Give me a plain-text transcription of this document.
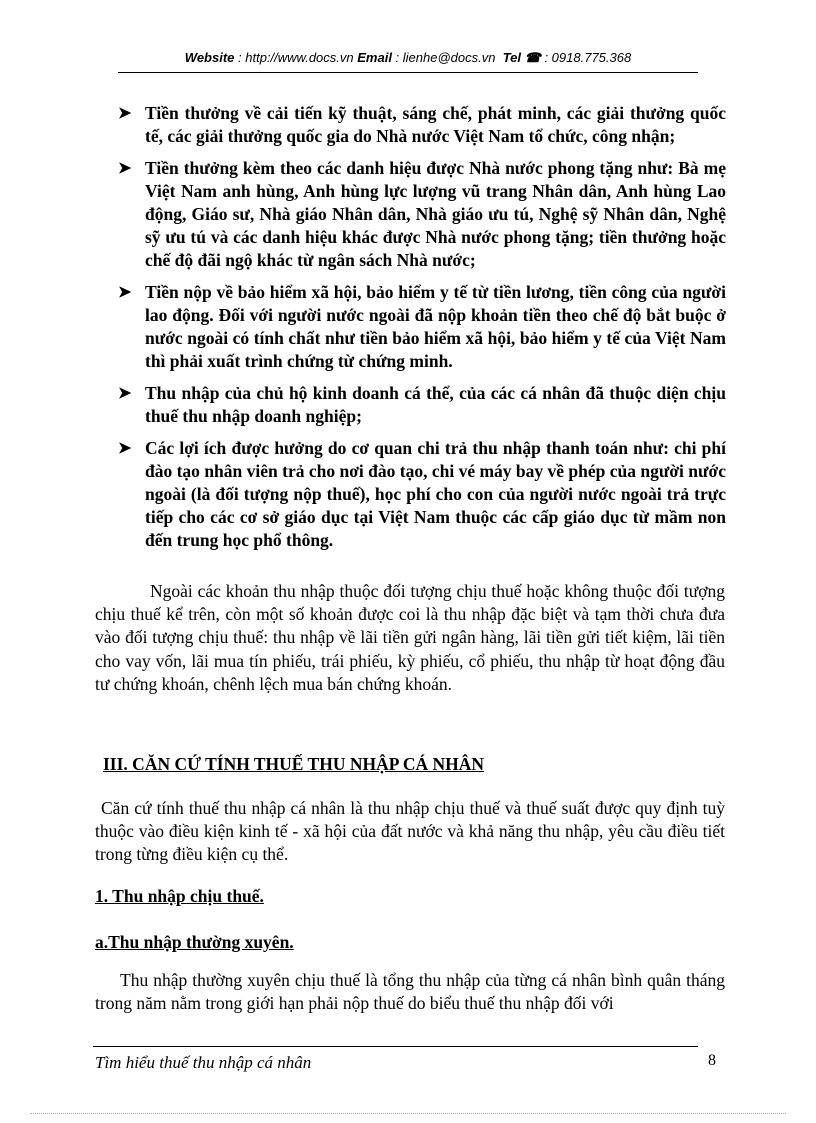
Website : http://www.docs.vn Email : lienhe@docs.vn Tel ☎ : 0918.775.368
➤ Tiền thưởng về cải tiến kỹ thuật, sáng chế, phát minh, các giải thưởng quốc tế, các giải thưởng quốc gia do Nhà nước Việt Nam tổ chức, công nhận;
➤ Tiền thưởng kèm theo các danh hiệu được Nhà nước phong tặng như: Bà mẹ Việt Nam anh hùng, Anh hùng lực lượng vũ trang Nhân dân, Anh hùng Lao động, Giáo sư, Nhà giáo Nhân dân, Nhà giáo ưu tú, Nghệ sỹ Nhân dân, Nghệ sỹ ưu tú và các danh hiệu khác được Nhà nước phong tặng; tiền thưởng hoặc chế độ đãi ngộ khác từ ngân sách Nhà nước;
➤ Tiền nộp về bảo hiểm xã hội, bảo hiểm y tế từ tiền lương, tiền công của người lao động. Đối với người nước ngoài đã nộp khoản tiền theo chế độ bắt buộc ở nước ngoài có tính chất như tiền bảo hiểm xã hội, bảo hiểm y tế của Việt Nam thì phải xuất trình chứng từ chứng minh.
➤ Thu nhập của chủ hộ kinh doanh cá thể, của các cá nhân đã thuộc diện chịu thuế thu nhập doanh nghiệp;
➤ Các lợi ích được hưởng do cơ quan chi trả thu nhập thanh toán như: chi phí đào tạo nhân viên trả cho nơi đào tạo, chi vé máy bay về phép của người nước ngoài (là đối tượng nộp thuế), học phí cho con của người nước ngoài trả trực tiếp cho các cơ sở giáo dục tại Việt Nam thuộc các cấp giáo dục từ mầm non đến trung học phổ thông.

Ngoài các khoản thu nhập thuộc đối tượng chịu thuế hoặc không thuộc đối tượng chịu thuế kể trên, còn một số khoản được coi là thu nhập đặc biệt và tạm thời chưa đưa vào đối tượng chịu thuế: thu nhập về lãi tiền gửi ngân hàng, lãi tiền gửi tiết kiệm, lãi tiền cho vay vốn, lãi mua tín phiếu, trái phiếu, kỳ phiếu, cổ phiếu, thu nhập từ hoạt động đầu tư chứng khoán, chênh lệch mua bán chứng khoán.

III. CĂN CỨ TÍNH THUẾ THU NHẬP CÁ NHÂN

Căn cứ tính thuế thu nhập cá nhân là thu nhập chịu thuế và thuế suất được quy định tuỳ thuộc vào điều kiện kinh tế - xã hội của đất nước và khả năng thu nhập, yêu cầu điều tiết trong từng điều kiện cụ thể.

1. Thu nhập chịu thuế.

a.Thu nhập thường xuyên.

Thu nhập thường xuyên chịu thuế là tổng thu nhập của từng cá nhân bình quân tháng trong năm nằm trong giới hạn phải nộp thuế do biểu thuế thu nhập đối với

Tìm hiểu thuế thu nhập cá nhân	8
